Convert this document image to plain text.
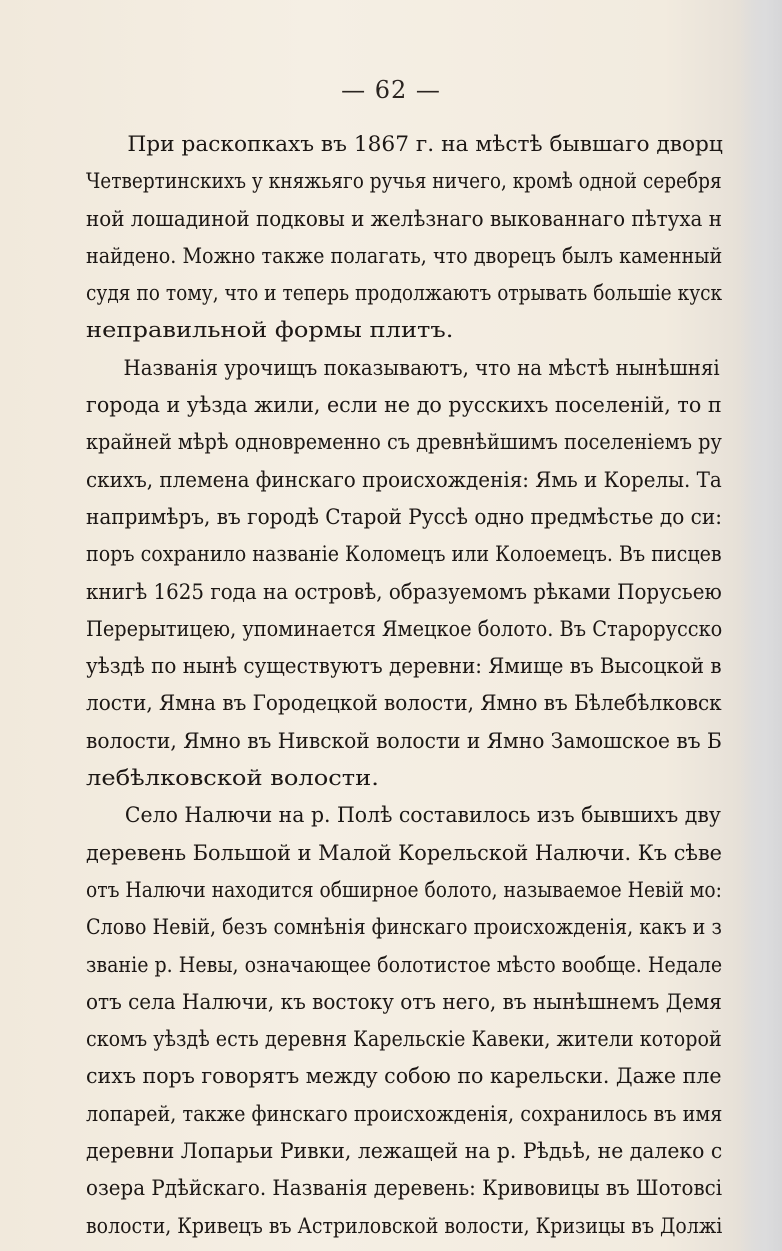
— 62 —
При раскопкахъ въ 1867 г. на мѣстѣ бывшаго дворц
Четвертинскихъ у княжьяго ручья ничего, кромѣ одной серебря
ной лошадиной подковы и желѣзнаго выкованнаго пѣтуха н
найдено. Можно также полагать, что дворецъ былъ каменный
судя по тому, что и теперь продолжаютъ отрывать большіе куск
неправильной формы плитъ.
Названія урочищъ показываютъ, что на мѣстѣ нынѣшняі
города и уѣзда жили, если не до русскихъ поселеній, то п
крайней мѣрѣ одновременно съ древнѣйшимъ поселеніемъ ру
скихъ, племена финскаго происхожденія: Ямь и Корелы. Та
напримѣръ, въ городѣ Старой Руссѣ одно предмѣстье до си:
поръ сохранило названіе Коломецъ или Колоемецъ. Въ писцев
книгѣ 1625 года на островѣ, образуемомъ рѣками Порусьею
Перерытицею, упоминается Ямецкое болото. Въ Старорусско
уѣздѣ по нынѣ существуютъ деревни: Ямище въ Высоцкой в
лости, Ямна въ Городецкой волости, Ямно въ Бѣлебѣлковск
волости, Ямно въ Нивской волости и Ямно Замошское въ Б
лебѣлковской волости.
Село Налючи на р. Полѣ составилось изъ бывшихъ дву
деревень Большой и Малой Корельской Налючи. Къ сѣве
отъ Налючи находится обширное болото, называемое Невій мо:
Слово Невій, безъ сомнѣнія финскаго происхожденія, какъ и з
званіе р. Невы, означающее болотистое мѣсто вообще. Недале
отъ села Налючи, къ востоку отъ него, въ нынѣшнемъ Демя
скомъ уѣздѣ есть деревня Карельскіе Кавеки, жители которой
сихъ поръ говорятъ между собою по карельски. Даже пле
лопарей, также финскаго происхожденія, сохранилось въ имя
деревни Лопарьи Ривки, лежащей на р. Рѣдьѣ, не далеко с
озера Рдѣйскаго. Названія деревень: Кривовицы въ Шотовсі
волости, Кривецъ въ Астриловской волости, Кризицы въ Должі
